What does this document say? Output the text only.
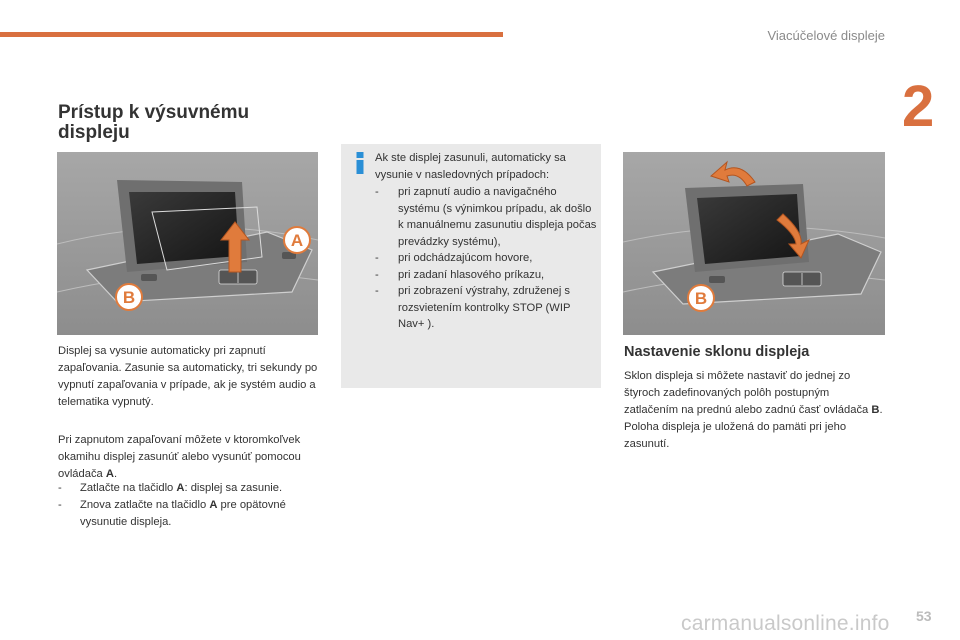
Viacúčelové displeje
2
Prístup k výsuvnému displeju
A
B

Displej sa vysunie automaticky pri zapnutí zapaľovania. Zasunie sa automaticky, tri sekundy po vypnutí zapaľovania v prípade, ak je systém audio a telematika vypnutý.

Pri zapnutom zapaľovaní môžete v ktoromkoľvek okamihu displej zasunúť alebo vysunúť pomocou ovládača A.

- Zatlačte na tlačidlo A: displej sa zasunie.
- Znova zatlačte na tlačidlo A pre opätovné vysunutie displeja.

Ak ste displej zasunuli, automaticky sa vysunie v nasledovných prípadoch:

- pri zapnutí audio a navigačného systému (s výnimkou prípadu, ak došlo k manuálnemu zasunutiu displeja počas prevádzky systému),
- pri odchádzajúcom hovore,
- pri zadaní hlasového príkazu,
- pri zobrazení výstrahy, združenej s rozsvietením kontrolky STOP (WIP Nav+ ).
B
Nastavenie sklonu displeja

Sklon displeja si môžete nastaviť do jednej zo štyroch zadefinovaných polôh postupným zatlačením na prednú alebo zadnú časť ovládača B. Poloha displeja je uložená do pamäti pri jeho zasunutí.

53
carmanualsonline.info
